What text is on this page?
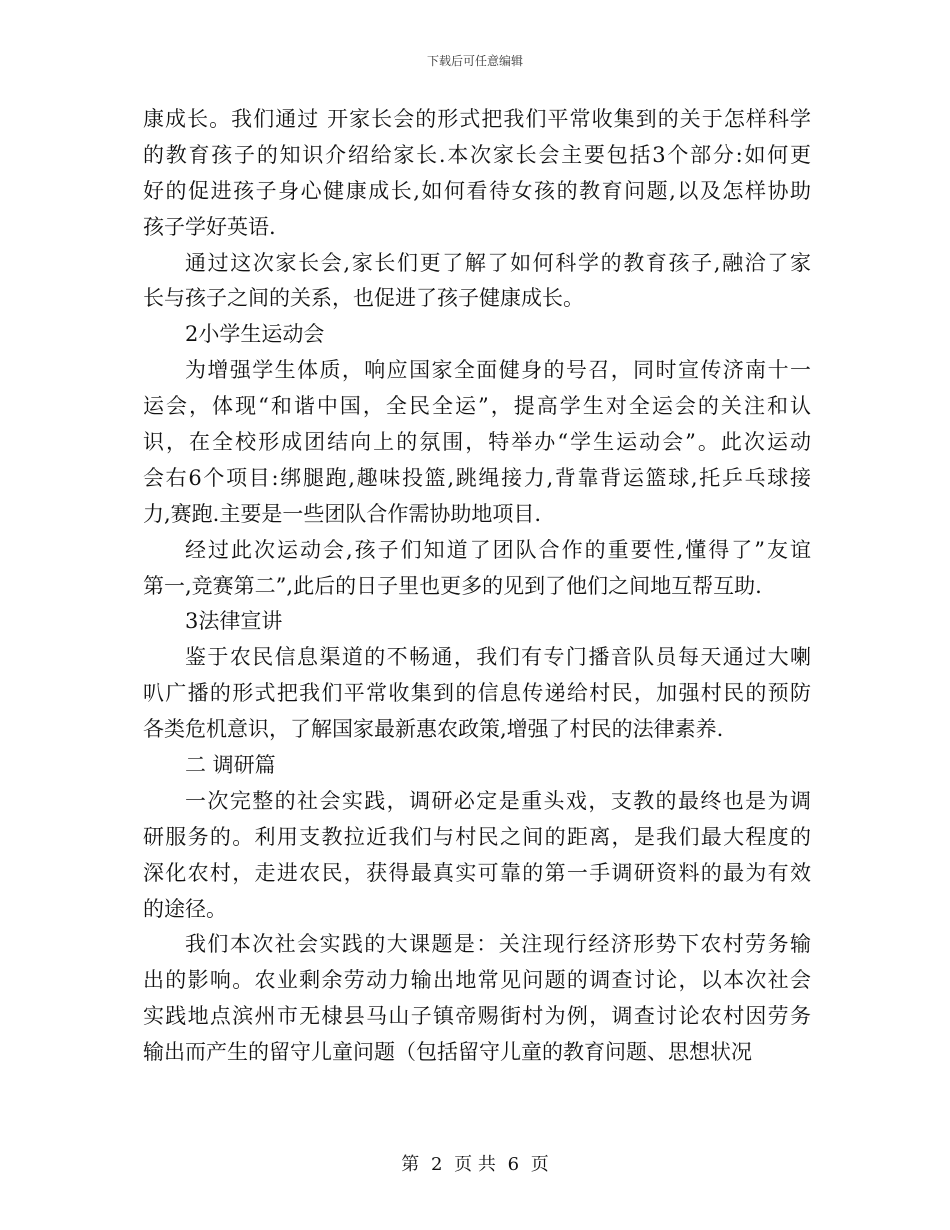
下载后可任意编辑
康成长。我们通过 开家长会的形式把我们平常收集到的关于怎样科学
的教育孩子的知识介绍给家长.本次家长会主要包括3个部分:如何更
好的促进孩子身心健康成长,如何看待女孩的教育问题,以及怎样协助
孩子学好英语.
通过这次家长会,家长们更了解了如何科学的教育孩子,融洽了家
长与孩子之间的关系，也促进了孩子健康成长。
2小学生运动会
为增强学生体质，响应国家全面健身的号召，同时宣传济南十一
运会，体现“和谐中国，全民全运”，提高学生对全运会的关注和认
识，在全校形成团结向上的氛围，特举办“学生运动会”。此次运动
会右6个项目:绑腿跑,趣味投篮,跳绳接力,背靠背运篮球,托乒乓球接
力,赛跑.主要是一些团队合作需协助地项目.
经过此次运动会,孩子们知道了团队合作的重要性,懂得了”友谊
第一,竞赛第二”,此后的日子里也更多的见到了他们之间地互帮互助.
3法律宣讲
鉴于农民信息渠道的不畅通，我们有专门播音队员每天通过大喇
叭广播的形式把我们平常收集到的信息传递给村民，加强村民的预防
各类危机意识，了解国家最新惠农政策,增强了村民的法律素养.
二 调研篇
一次完整的社会实践，调研必定是重头戏，支教的最终也是为调
研服务的。利用支教拉近我们与村民之间的距离，是我们最大程度的
深化农村，走进农民，获得最真实可靠的第一手调研资料的最为有效
的途径。
我们本次社会实践的大课题是：关注现行经济形势下农村劳务输
出的影响。农业剩余劳动力输出地常见问题的调查讨论，以本次社会
实践地点滨州市无棣县马山子镇帝赐街村为例，调查讨论农村因劳务
输出而产生的留守儿童问题（包括留守儿童的教育问题、思想状况
第 2 页 共 6 页
